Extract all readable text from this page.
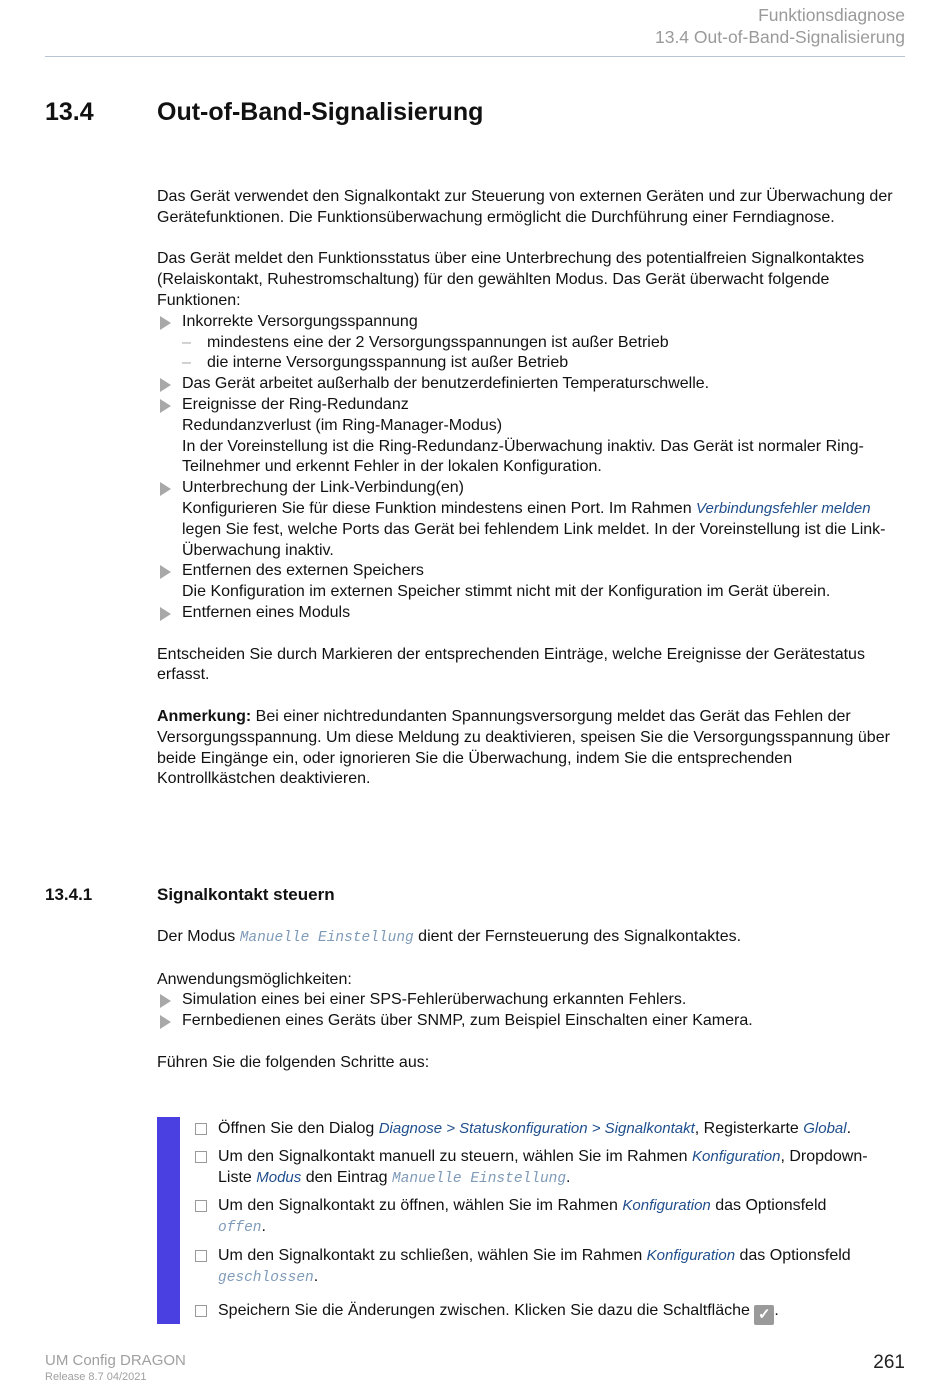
Funktionsdiagnose
13.4 Out-of-Band-Signalisierung
13.4	Out-of-Band-Signalisierung

Das Gerät verwendet den Signalkontakt zur Steuerung von externen Geräten und zur Überwachung der Gerätefunktionen. Die Funktionsüberwachung ermöglicht die Durchführung einer Ferndiagnose.

Das Gerät meldet den Funktionsstatus über eine Unterbrechung des potentialfreien Signalkontaktes (Relaiskontakt, Ruhestromschaltung) für den gewählten Modus. Das Gerät überwacht folgende Funktionen:

Inkorrekte Versorgungsspannung
– mindestens eine der 2 Versorgungsspannungen ist außer Betrieb
– die interne Versorgungsspannung ist außer Betrieb
Das Gerät arbeitet außerhalb der benutzerdefinierten Temperaturschwelle.
Ereignisse der Ring-Redundanz
Redundanzverlust (im Ring-Manager-Modus)
In der Voreinstellung ist die Ring-Redundanz-Überwachung inaktiv. Das Gerät ist normaler Ring-Teilnehmer und erkennt Fehler in der lokalen Konfiguration.
Unterbrechung der Link-Verbindung(en)
Konfigurieren Sie für diese Funktion mindestens einen Port. Im Rahmen Verbindungsfehler melden legen Sie fest, welche Ports das Gerät bei fehlendem Link meldet. In der Voreinstellung ist die Link-Überwachung inaktiv.
Entfernen des externen Speichers
Die Konfiguration im externen Speicher stimmt nicht mit der Konfiguration im Gerät überein.
Entfernen eines Moduls

Entscheiden Sie durch Markieren der entsprechenden Einträge, welche Ereignisse der Gerätestatus erfasst.

Anmerkung: Bei einer nichtredundanten Spannungsversorgung meldet das Gerät das Fehlen der Versorgungsspannung. Um diese Meldung zu deaktivieren, speisen Sie die Versorgungsspannung über beide Eingänge ein, oder ignorieren Sie die Überwachung, indem Sie die entsprechenden Kontrollkästchen deaktivieren.

13.4.1	Signalkontakt steuern

Der Modus Manuelle Einstellung dient der Fernsteuerung des Signalkontaktes.

Anwendungsmöglichkeiten:

Simulation eines bei einer SPS-Fehlerüberwachung erkannten Fehlers.
Fernbedienen eines Geräts über SNMP, zum Beispiel Einschalten einer Kamera.

Führen Sie die folgenden Schritte aus:

Öffnen Sie den Dialog Diagnose > Statuskonfiguration > Signalkontakt, Registerkarte Global.
Um den Signalkontakt manuell zu steuern, wählen Sie im Rahmen Konfiguration, Dropdown-Liste Modus den Eintrag Manuelle Einstellung.
Um den Signalkontakt zu öffnen, wählen Sie im Rahmen Konfiguration das Optionsfeld
offen.
Um den Signalkontakt zu schließen, wählen Sie im Rahmen Konfiguration das Optionsfeld
geschlossen.
Speichern Sie die Änderungen zwischen. Klicken Sie dazu die Schaltfläche ✓ .
UM Config DRAGON
Release 8.7 04/2021
261
